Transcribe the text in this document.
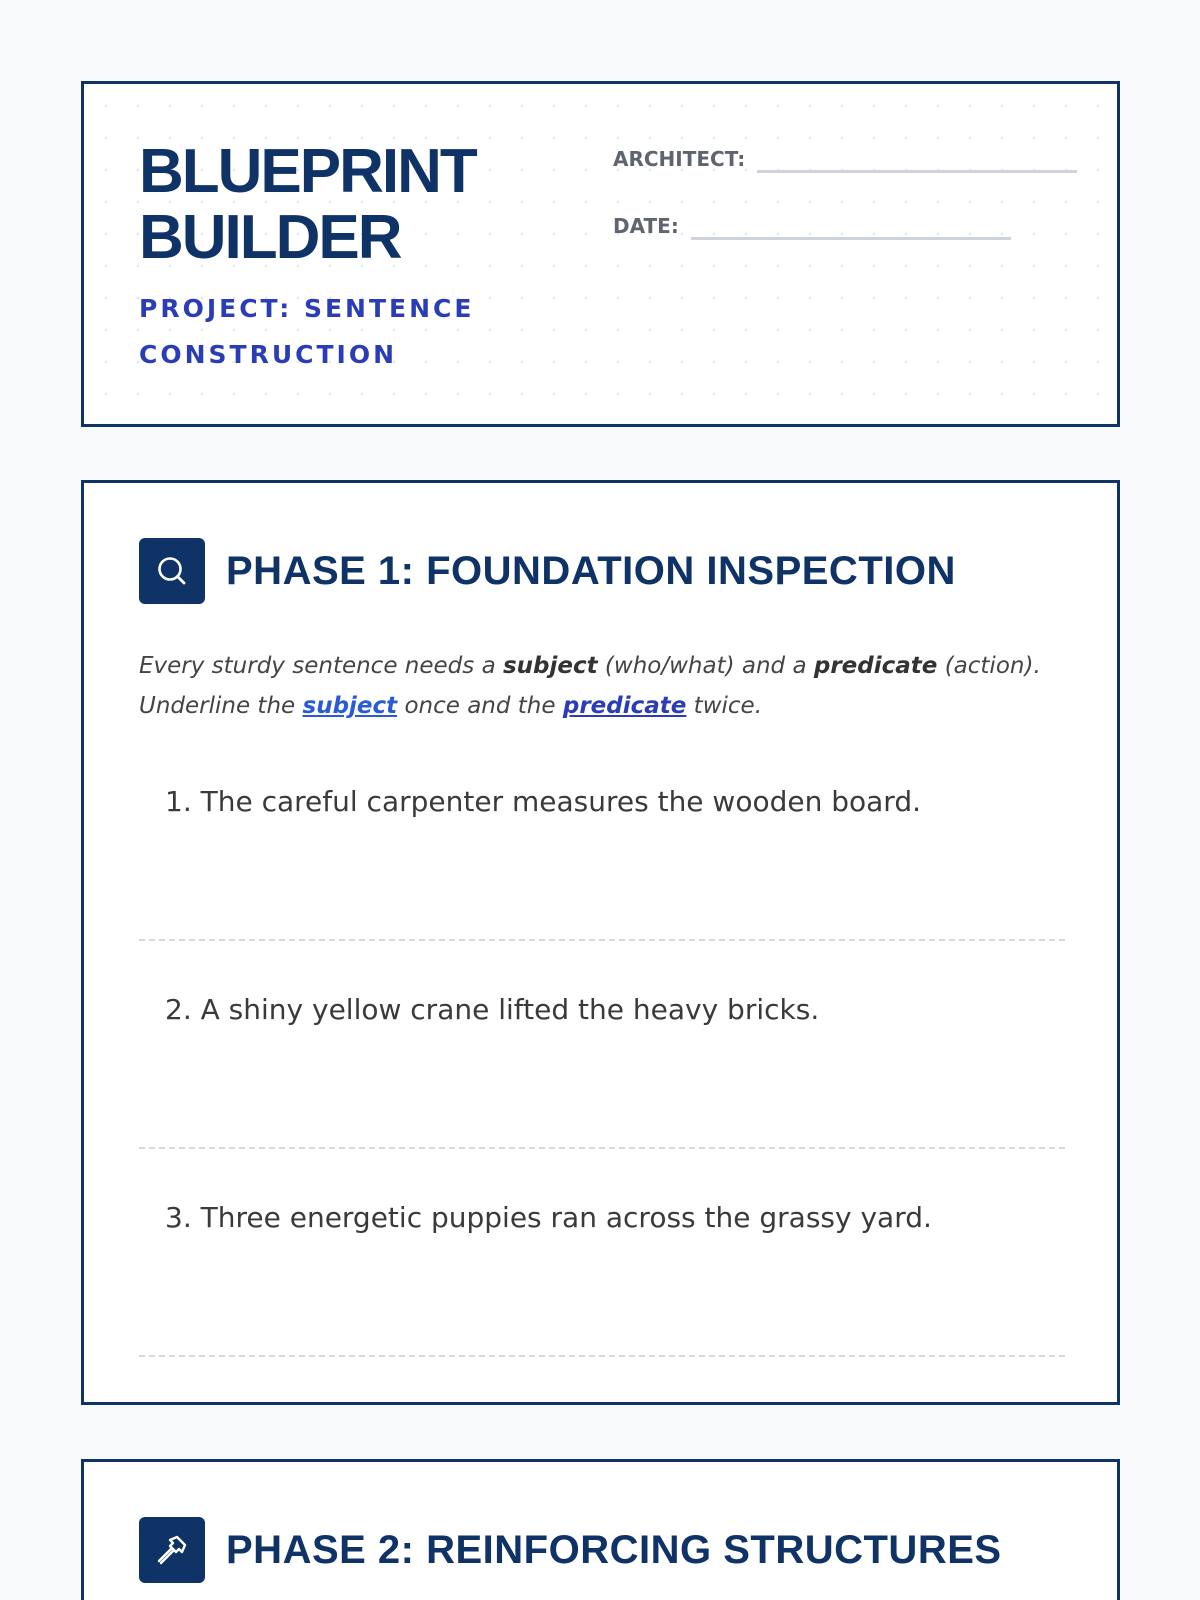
BLUEPRINT
BUILDER
PROJECT: SENTENCE
CONSTRUCTION
ARCHITECT:
DATE:
PHASE 1: FOUNDATION INSPECTION
Every sturdy sentence needs a subject (who/what) and a predicate (action).
Underline the subject once and the predicate twice.
1. The careful carpenter measures the wooden board.
2. A shiny yellow crane lifted the heavy bricks.
3. Three energetic puppies ran across the grassy yard.
PHASE 2: REINFORCING STRUCTURES
